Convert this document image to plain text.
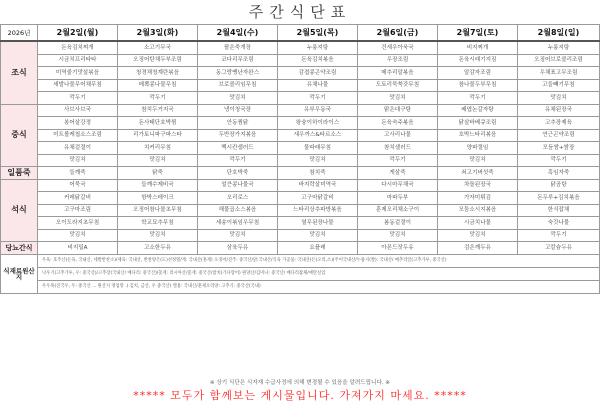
주간식단표
2026년	2월2일(월)	2월3일(화)	2월4일(수)	2월5일(목)	2월6일(금)	2월7일(토)	2월8일(일)
조식	돈육김치찌개	소고기무국	팥은죽개장	누룽지탕	건새우아욱국	비지찌개	누룽지탕
	시금치프리타타	오징어탄채두부조림	코다리무조림	돈육김치볶음	우장조림	돈육시래기지짐	오징어브로콜리조림
	미역줄기맛살볶음	청경채청계란볶음	동그랑땡난자완스	감겹콩곤약조림	메추리알볶음	알감자조림	우채표고무조림
	세발나물무어채무침	메뽁콩나물무침	브로콜리임무침	유채나물	도토리묵쑥갓무침	참나물두부무침	고들빼기무침
	깍두기	깍두기	맛김치	깍두기	맛김치	깍두기	맛김치
중식	사브사브국	참치두거지국	냉이청국장	유부우동국	맑은대구탕	배엽논갈자탕	유채된장국
	봉어살강정	돈사태단호박찜	안동찜닭	왕슝이하이라이스	돈육숙주볶음	닭살바베큐조림	고추장제육
	미트볼케첩소스조림	리가토니파구파스타	두반장가지볶음	새우까스&타르소스	고사리나물	호박느타리볶음	연근곤약조림
	유채겉절이	치커리무침	멕시칸샐러드	물파래무침	참치샐러드	양파절임	모듬쌈+쌈장
	맛김치	맛김치	깍두기	맛김치	깍두기	맛김치	깍두기
일품죽	들깨죽	닭죽	단호박죽	참치죽	게살죽	쇠고기버섯죽	흑임자죽
석식	어묵국	들깨수제비국	얼큰콩나물국	바지락살미역국	다시마무채국	차돌된장국	닭곰탕
	커레닭갈비	항박스테이크	오리로스	고구마닭갈비	마파두부	가자미튀김	돈두루+김치볶음
	고구마조림	오징어참나물초무침	해물곱소스볶음	느타리상추파방볶음	훈제오리채소구이	모둠소시지볶음	한식잡채
	오이도라지초무침	학교묘추무침	세송이볶임우무침	열무된장나물	봄동겉절이	시금치나물	숙갓나물
	맛김치	맛김치	맛김치	맛김치	맛김치	맛김치	깍두기
당뇨간식	비지밀A	고소한두유	삼육두유	요플레	아몬드잣두유	검은깨두유	고칼슘두유
식재료원산지	우육: 호주산(돈육, 국내산, 세발반찬소)/제육: 국내산, 반찬탕은(도)선정열/게: 국내산(홍게) 오징어/진주: 중국산/닭:국내산/식육 가공품: 국내산(돈)오리,소)(주어국내산/누룽지(쌀): 국내산/ 메추리알(고추가루, 중국산)						
	낙우기(고추가루, 우: 중국산)/고추장(국내산/ 메다리: 중국산)/꽃게: 러시아산/꽃게: 중국산/참치(가다랑어) 원양산/김미나: 중국산/ 메다리잡채/애탄실업						
	우우목(진국우, 우: 중국산 ... 원산지 영업망 .) 김치, 금산, 우 중국산) 엘용: 국내산/훈제오리양: 고추기: 중국산(국내)						
※ 상기 식단은 식자재 수급사정에 의해 변경될 수 있음을 알려드립니다. ※
***** 모두가 함께보는 게시물입니다. 가져가지 마세요. *****
